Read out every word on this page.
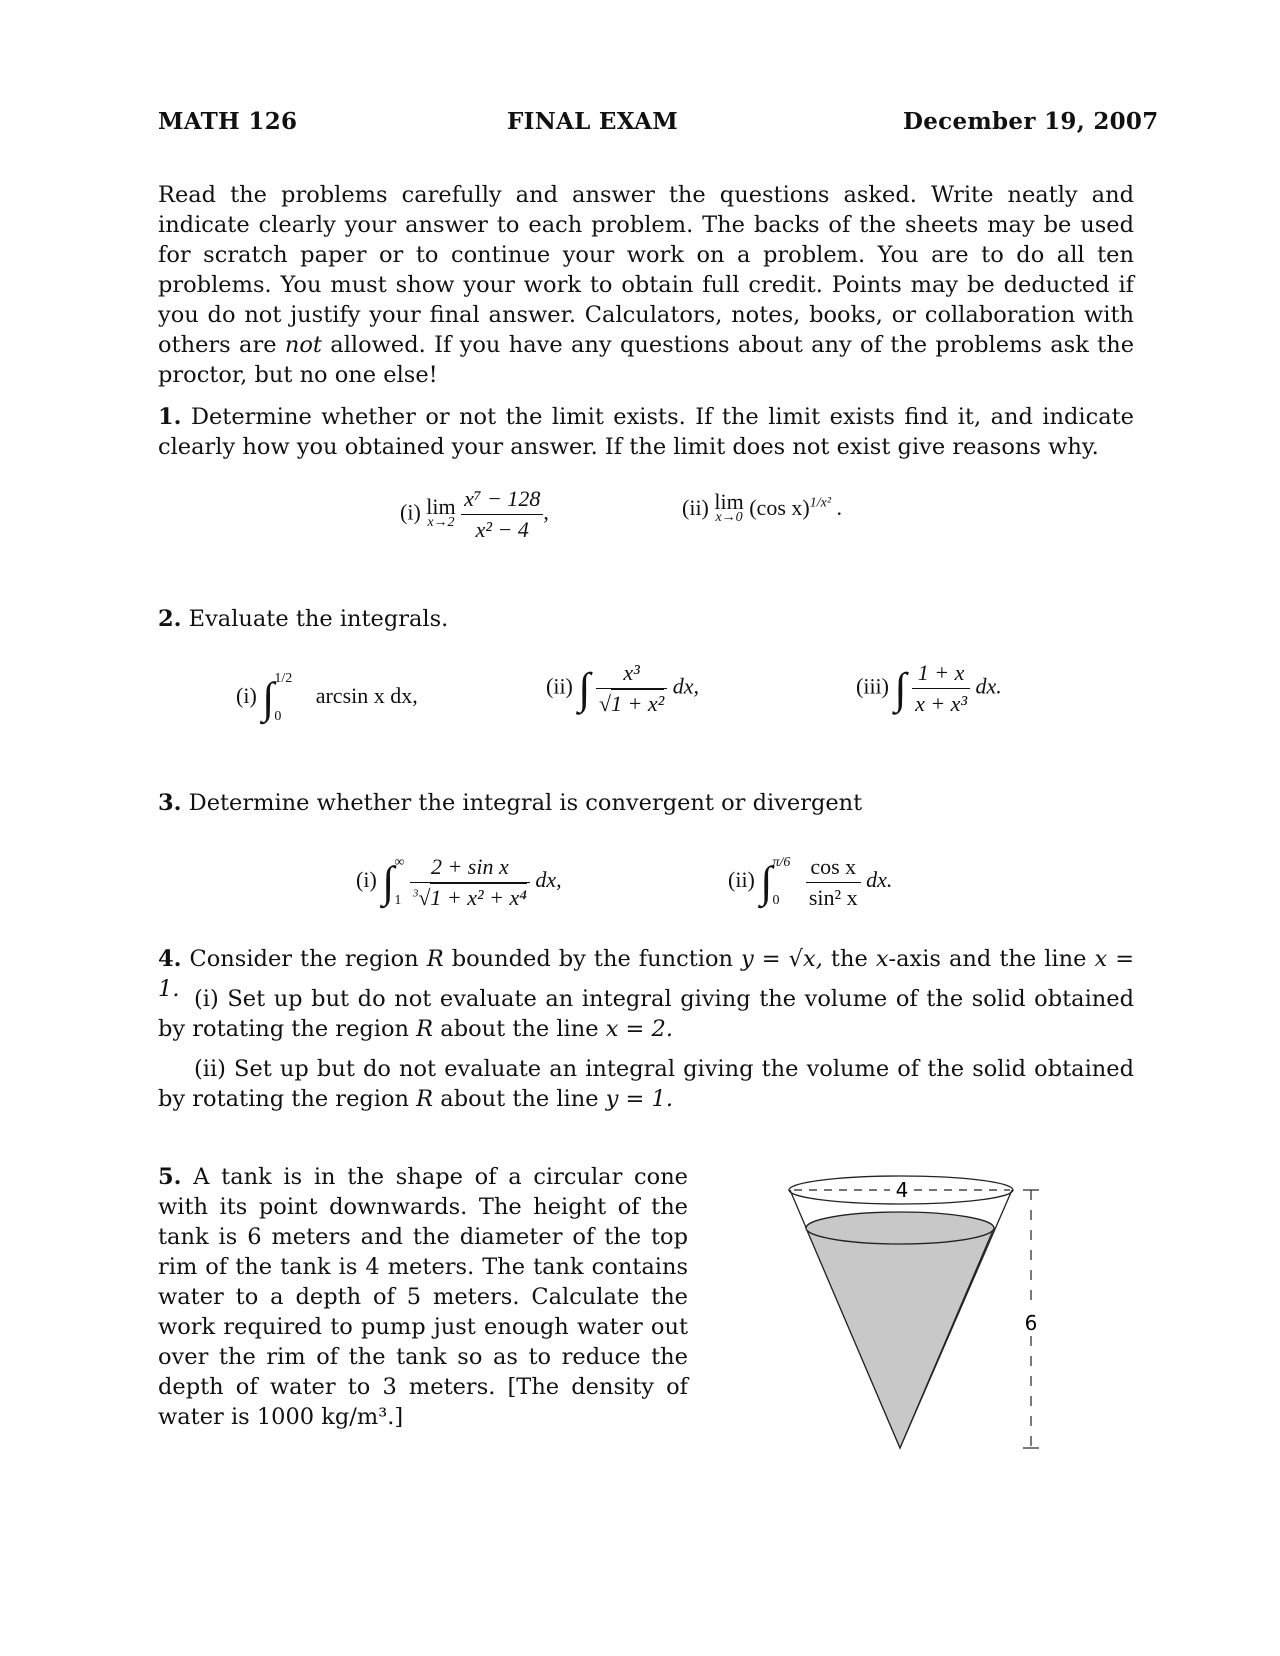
MATH 126	FINAL EXAM	December 19, 2007
Read the problems carefully and answer the questions asked. Write neatly and indicate clearly your answer to each problem. The backs of the sheets may be used for scratch paper or to continue your work on a problem. You are to do all ten problems. You must show your work to obtain full credit. Points may be deducted if you do not justify your final answer. Calculators, notes, books, or collaboration with others are not allowed. If you have any questions about any of the problems ask the proctor, but no one else!
1. Determine whether or not the limit exists. If the limit exists find it, and indicate clearly how you obtained your answer. If the limit does not exist give reasons why.
(i) lim
x→2
$\frac{\text{x⁷ − 128}}{\text{x² − 4}}$ ,	(ii) lim
x→0 (cos x)$^{1/x^2}$ .
2. Evaluate the integrals.
(i) ∫ 1/2
0
arcsin x dx,	(ii) ∫ $\frac{\text{x³}}{\text{√1 + x²}}$ dx,	(iii) ∫ $\frac{1 + x}{\text{x + x³}}$ dx.
3. Determine whether the integral is convergent or divergent
(i) ∫ ∞
1
$\frac{\text{2 + sin x}}{^3√1 + x^2 + x^4}$ dx,	(ii) ∫ π/6
0
	$\frac{\text{cos x}}{\text{sin² x}}$ dx.
4. Consider the region R bounded by the function y = √x, the x-axis and the line x = 1. (i) Set up but do not evaluate an integral giving the volume of the solid obtained by rotating the region R about the line x = 2.
(ii) Set up but do not evaluate an integral giving the volume of the solid obtained by rotating the region R about the line y = 1.
5. A tank is in the shape of a circular cone with its point downwards. The height of the tank is 6 meters and the diameter of the top rim of the tank is 4 meters. The tank contains water to a depth of 5 meters. Calculate the work required to pump just enough water out over the rim of the tank so as to reduce the depth of water to 3 meters. [The density of water is 1000 kg/m³.]
4
6
